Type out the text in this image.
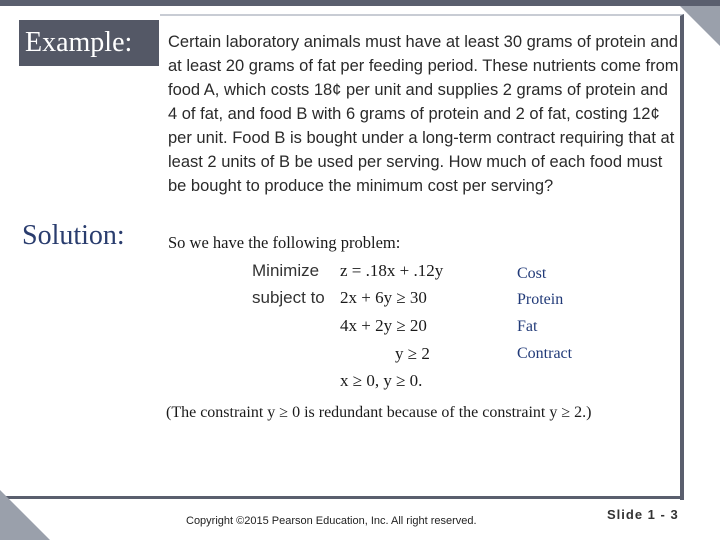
Example:
Solution:
Certain laboratory animals must have at least 30 grams of protein and at least 20 grams of fat per feeding period. These nutrients come from food A, which costs 18¢ per unit and supplies 2 grams of protein and 4 of fat, and food B with 6 grams of protein and 2 of fat, costing 12¢ per unit. Food B is bought under a long-term contract requiring that at least 2 units of B be used per serving. How much of each food must be bought to produce the minimum cost per serving?
So we have the following problem:
Minimize z = .18x + .12y	Cost
subject to 2x + 6y ≥ 30	Protein
4x + 2y ≥ 20	Fat
y ≥ 2	Contract
x ≥ 0, y ≥ 0.
(The constraint y ≥ 0 is redundant because of the constraint y ≥ 2.)
Copyright ©2015 Pearson Education, Inc. All right reserved.	Slide 1 - 3
